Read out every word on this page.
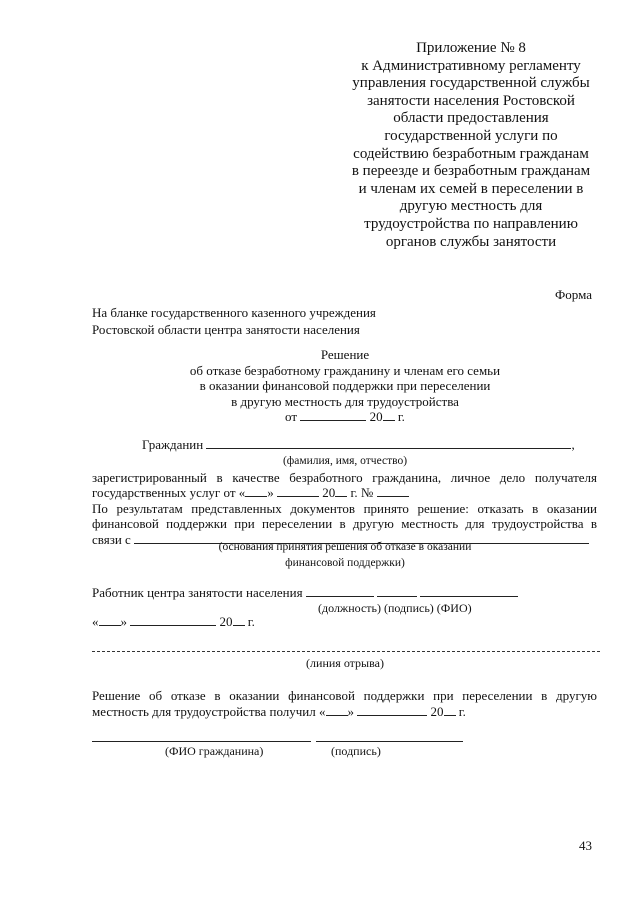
Приложение № 8
к Административному регламенту
управления государственной службы
занятости населения Ростовской
области предоставления
государственной услуги по
содействию безработным гражданам
в переезде и безработным гражданам
и членам их семей в переселении в
другую местность для
трудоустройства по направлению
органов службы занятости
Форма
На бланке государственного казенного учреждения
Ростовской области центра занятости населения
Решение
об отказе безработному гражданину и членам его семьи
в оказании финансовой поддержки при переселении
в другую местность для трудоустройства
от	20 г.
Гражданин	,
(фамилия, имя, отчество)
зарегистрированный в качестве безработного гражданина, личное дело получателя
государственных услуг от « »	20 г. №
По результатам представленных документов принято решение: отказать в оказании
финансовой поддержки при переселении в другую местность для трудоустройства в
связи с
(основания принятия решения об отказе в оказании
финансовой поддержки)
Работник центра занятости населения
(должность) (подпись) (ФИО)
« »	20 г.
(линия отрыва)
Решение об отказе в оказании финансовой поддержки при переселении в другую
местность для трудоустройства получил « »	20 г.
(ФИО гражданина)	(подпись)
43
